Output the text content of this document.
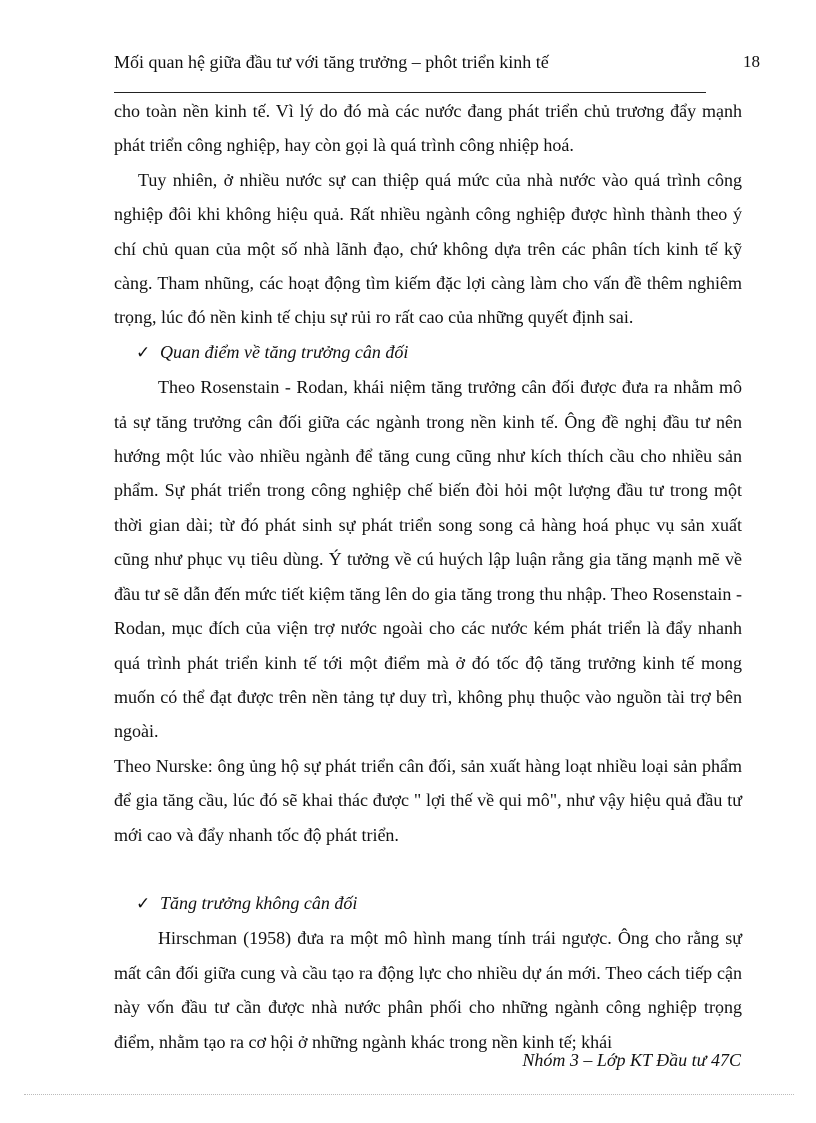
Mối quan hệ giữa đầu tư với tăng trưởng – phôt triển kinh tế	18

cho toàn nền kinh tế. Vì lý do đó mà các nước đang phát triển chủ trương đẩy mạnh phát triển công nghiệp, hay còn gọi là quá trình công nhiệp hoá.

Tuy nhiên, ở nhiều nước sự can thiệp quá mức của nhà nước vào quá trình công nghiệp đôi khi không hiệu quả. Rất nhiều ngành công nghiệp được hình thành theo ý chí chủ quan của một số nhà lãnh đạo, chứ không dựa trên các phân tích kinh tế kỹ càng. Tham nhũng, các hoạt động tìm kiếm đặc lợi càng làm cho vấn đề thêm nghiêm trọng, lúc đó nền kinh tế chịu sự rủi ro rất cao của những quyết định sai.

✓ Quan điểm về tăng trưởng cân đối

Theo Rosenstain - Rodan, khái niệm tăng trưởng cân đối được đưa ra nhằm mô tả sự tăng trưởng cân đối giữa các ngành trong nền kinh tế. Ông đề nghị đầu tư nên hướng một lúc vào nhiều ngành để tăng cung cũng như kích thích cầu cho nhiều sản phẩm. Sự phát triển trong công nghiệp chế biến đòi hỏi một lượng đầu tư trong một thời gian dài; từ đó phát sinh sự phát triển song song cả hàng hoá phục vụ sản xuất cũng như phục vụ tiêu dùng. Ý tưởng về cú huých lập luận rằng gia tăng mạnh mẽ về đầu tư sẽ dẫn đến mức tiết kiệm tăng lên do gia tăng trong thu nhập. Theo Rosenstain - Rodan, mục đích của viện trợ nước ngoài cho các nước kém phát triển là đẩy nhanh quá trình phát triển kinh tế tới một điểm mà ở đó tốc độ tăng trưởng kinh tế mong muốn có thể đạt được trên nền tảng tự duy trì, không phụ thuộc vào nguồn tài trợ bên ngoài.

Theo Nurske: ông ủng hộ sự phát triển cân đối, sản xuất hàng loạt nhiều loại sản phẩm để gia tăng cầu, lúc đó sẽ khai thác được " lợi thế về qui mô", như vậy hiệu quả đầu tư mới cao và đẩy nhanh tốc độ phát triển.

✓ Tăng trưởng không cân đối

Hirschman (1958) đưa ra một mô hình mang tính trái ngược. Ông cho rằng sự mất cân đối giữa cung và cầu tạo ra động lực cho nhiều dự án mới. Theo cách tiếp cận này vốn đầu tư cần được nhà nước phân phối cho những ngành công nghiệp trọng điểm, nhằm tạo ra cơ hội ở những ngành khác trong nền kinh tế; khái

Nhóm 3 – Lớp KT Đầu tư 47C
